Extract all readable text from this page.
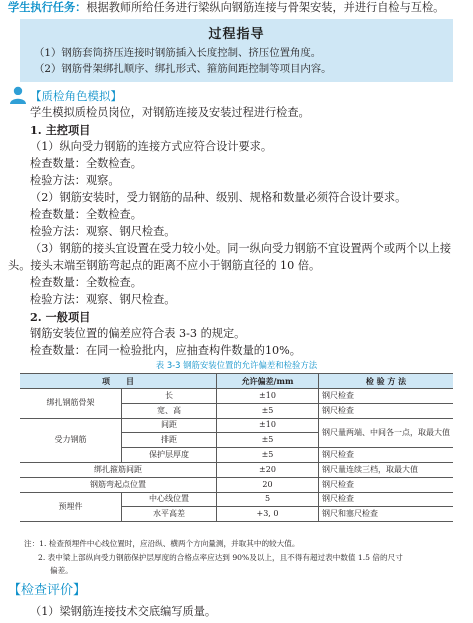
学生执行任务：根据教师所给任务进行梁纵向钢筋连接与骨架安装，并进行自检与互检。
过程指导
（1）钢筋套筒挤压连接时钢筋插入长度控制、挤压位置角度。
（2）钢筋骨架绑扎顺序、绑扎形式、箍筋间距控制等项目内容。
【质检角色模拟】
学生模拟质检员岗位，对钢筋连接及安装过程进行检查。
1. 主控项目
（1）纵向受力钢筋的连接方式应符合设计要求。
检查数量：全数检查。
检验方法：观察。
（2）钢筋安装时，受力钢筋的品种、级别、规格和数量必须符合设计要求。
检查数量：全数检查。
检验方法：观察、钢尺检查。
（3）钢筋的接头宜设置在受力较小处。同一纵向受力钢筋不宜设置两个或两个以上接
头。接头末端至钢筋弯起点的距离不应小于钢筋直径的 10 倍。
检查数量：全数检查。
检验方法：观察、钢尺检查。
2. 一般项目
钢筋安装位置的偏差应符合表 3-3 的规定。
表 3-3 钢筋安装位置的允许偏差和检验方法
项　　目		允许偏差/mm	检 验 方 法
绑扎钢筋骨架	长	±10	钢尺检查
	宽、高	±5	钢尺检查
受力钢筋	间距	±10	钢尺量两端、中间各一点，取最大值
	排距	±5	
	保护层厚度	±5	钢尺检查
绑扎箍筋间距		±20	钢尺量连续三档，取最大值
钢筋弯起点位置		20	钢尺检查
预埋件	中心线位置	5	钢尺检查
	水平高差	+3, 0	钢尺和塞尺检查
注：1. 检查预埋件中心线位置时，应沿纵、横两个方向量测，并取其中的较大值。
2. 表中梁上部纵向受力钢筋保护层厚度的合格点率应达到 90%及以上，且不得有超过表中数值 1.5 倍的尺寸
偏差。
【检查评价】
（1）梁钢筋连接技术交底编写质量。
检查数量：在同一检验批内，应抽查构件数量的10%。
